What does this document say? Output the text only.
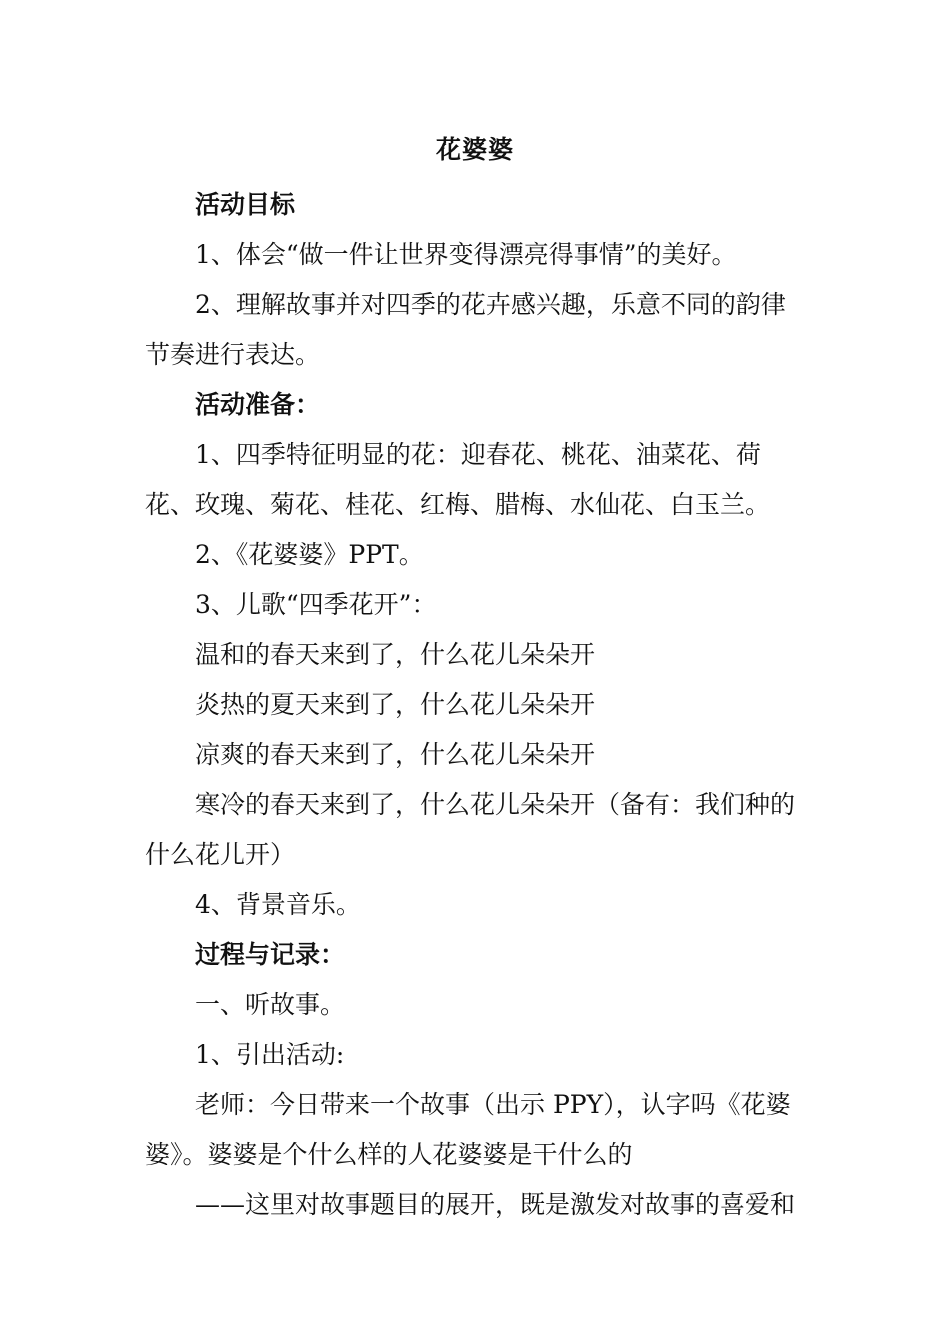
花婆婆

活动目标

1、体会“做一件让世界变得漂亮得事情”的美好。

2、理解故事并对四季的花卉感兴趣，乐意不同的韵律节奏进行表达。

活动准备：

1、四季特征明显的花：迎春花、桃花、油菜花、荷花、玫瑰、菊花、桂花、红梅、腊梅、水仙花、白玉兰。

2、《花婆婆》PPT。

3、儿歌“四季花开”：

温和的春天来到了，什么花儿朵朵开

炎热的夏天来到了，什么花儿朵朵开

凉爽的春天来到了，什么花儿朵朵开

寒冷的春天来到了，什么花儿朵朵开（备有：我们种的什么花儿开）

4、背景音乐。

过程与记录：

一、听故事。

1、引出活动:

老师：今日带来一个故事（出示 PPY），认字吗《花婆婆》。婆婆是个什么样的人花婆婆是干什么的

——这里对故事题目的展开，既是激发对故事的喜爱和
